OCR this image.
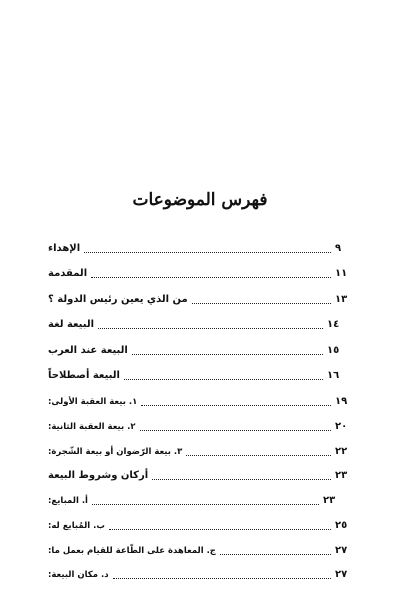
فهرس الموضوعات
الإهداء	٩
المقدمة	١١
من الذي يعين رئيس الدولة ؟	١٣
البيعة لغة	١٤
البيعة عند العرب	١٥
البيعة أصطلاحاً	١٦
١. بيعة العقبة الأولى:	١٩
٢. بيعة العقبة الثانية:	٢٠
٣. بيعة الرّضوان أو بيعة الشّجرة:	٢٢
أركان وشروط البيعة	٢٣
أ. المبايع:	٢٣
ب. المُبايع له:	٢٥
ج. المعاهدة على الطّاعة للقيام بعمل ما:	٢٧
د. مكان البيعة:	٢٧
